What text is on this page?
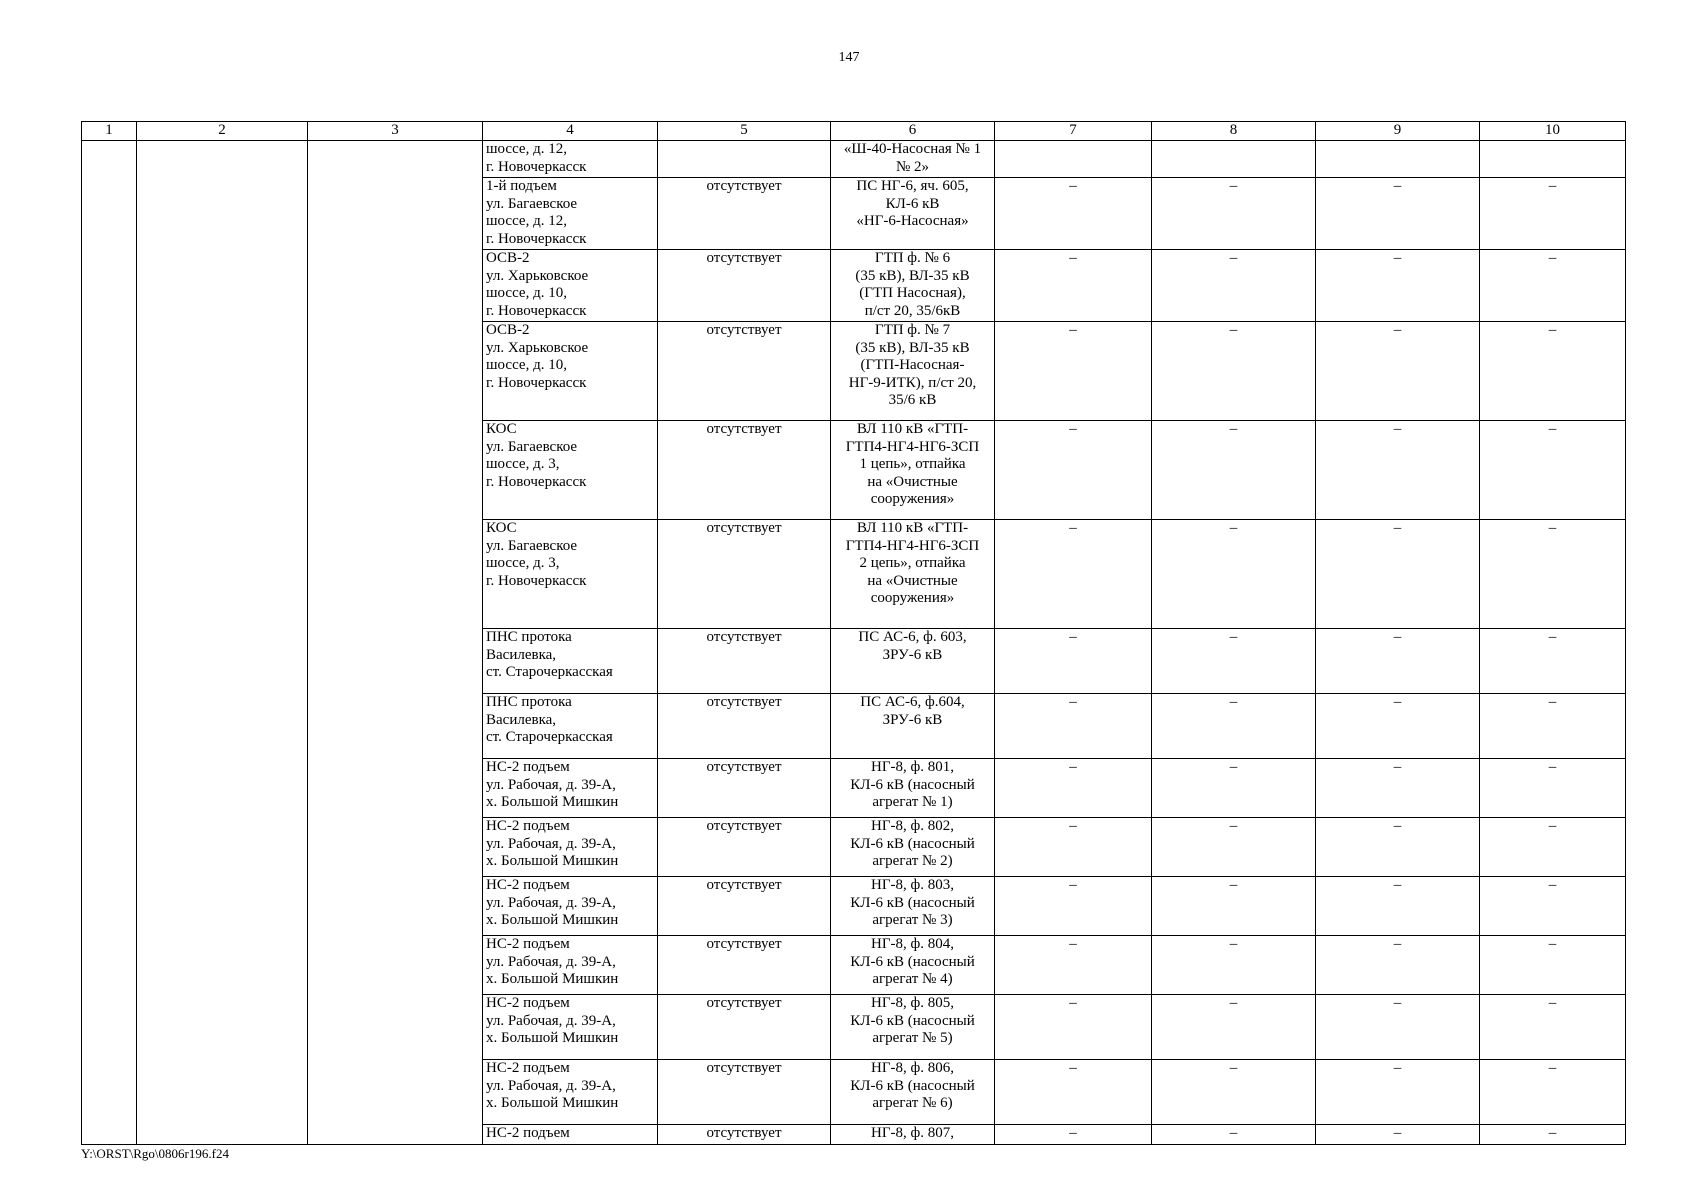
147
1	2	3	4	5	6	7	8	9	10

			шоссе, д. 12,
г. Новочеркасск		«Ш-40-Насосная № 1
№ 2»				

			1-й подъем
ул. Багаевское
шоссе, д. 12,
г. Новочеркасск	отсутствует	ПС НГ-6, яч. 605,
КЛ-6 кВ
«НГ-6-Насосная»	–	–	–	–

			ОСВ-2
ул. Харьковское
шоссе, д. 10,
г. Новочеркасск	отсутствует	ГТП ф. № 6
(35 кВ), ВЛ-35 кВ
(ГТП Насосная),
п/ст 20, 35/6кВ	–	–	–	–

			ОСВ-2
ул. Харьковское
шоссе, д. 10,
г. Новочеркасск	отсутствует	ГТП ф. № 7
(35 кВ), ВЛ-35 кВ
(ГТП-Насосная-
НГ-9-ИТК), п/ст 20,
35/6 кВ	–	–	–	–

			КОС
ул. Багаевское
шоссе, д. 3,
г. Новочеркасск	отсутствует	ВЛ 110 кВ «ГТП-
ГТП4-НГ4-НГ6-ЗСП
1 цепь», отпайка
на «Очистные
сооружения»	–	–	–	–

			КОС
ул. Багаевское
шоссе, д. 3,
г. Новочеркасск	отсутствует	ВЛ 110 кВ «ГТП-
ГТП4-НГ4-НГ6-ЗСП
2 цепь», отпайка
на «Очистные
сооружения»	–	–	–	–

			ПНС протока
Василевка,
ст. Старочеркасская	отсутствует	ПС АС-6, ф. 603,
ЗРУ-6 кВ	–	–	–	–

			ПНС протока
Василевка,
ст. Старочеркасская	отсутствует	ПС АС-6, ф.604,
ЗРУ-6 кВ	–	–	–	–

			НС-2 подъем
ул. Рабочая, д. 39-А,
х. Большой Мишкин	отсутствует	НГ-8, ф. 801,
КЛ-6 кВ (насосный
агрегат № 1)	–	–	–	–

			НС-2 подъем
ул. Рабочая, д. 39-А,
х. Большой Мишкин	отсутствует	НГ-8, ф. 802,
КЛ-6 кВ (насосный
агрегат № 2)	–	–	–	–

			НС-2 подъем
ул. Рабочая, д. 39-А,
х. Большой Мишкин	отсутствует	НГ-8, ф. 803,
КЛ-6 кВ (насосный
агрегат № 3)	–	–	–	–

			НС-2 подъем
ул. Рабочая, д. 39-А,
х. Большой Мишкин	отсутствует	НГ-8, ф. 804,
КЛ-6 кВ (насосный
агрегат № 4)	–	–	–	–

			НС-2 подъем
ул. Рабочая, д. 39-А,
х. Большой Мишкин	отсутствует	НГ-8, ф. 805,
КЛ-6 кВ (насосный
агрегат № 5)	–	–	–	–

			НС-2 подъем
ул. Рабочая, д. 39-А,
х. Большой Мишкин	отсутствует	НГ-8, ф. 806,
КЛ-6 кВ (насосный
агрегат № 6)	–	–	–	–

			НС-2 подъем	отсутствует	НГ-8, ф. 807,	–	–	–	–
Y:\ORST\Rgo\0806r196.f24
